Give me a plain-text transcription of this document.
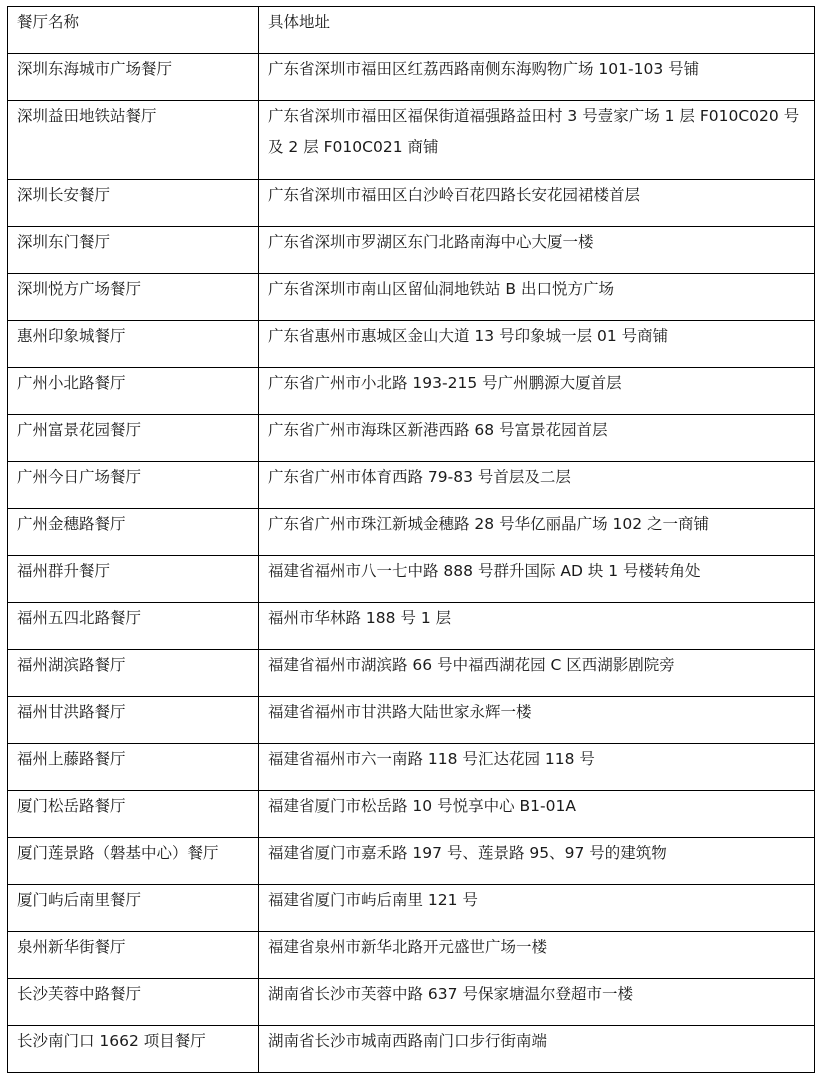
餐厅名称	具体地址
深圳东海城市广场餐厅	广东省深圳市福田区红荔西路南侧东海购物广场 101-103 号铺
深圳益田地铁站餐厅	广东省深圳市福田区福保街道福强路益田村 3 号壹家广场 1 层 F010C020 号及 2 层 F010C021 商铺
深圳长安餐厅	广东省深圳市福田区白沙岭百花四路长安花园裙楼首层
深圳东门餐厅	广东省深圳市罗湖区东门北路南海中心大厦一楼
深圳悦方广场餐厅	广东省深圳市南山区留仙洞地铁站 B 出口悦方广场
惠州印象城餐厅	广东省惠州市惠城区金山大道 13 号印象城一层 01 号商铺
广州小北路餐厅	广东省广州市小北路 193-215 号广州鹏源大厦首层
广州富景花园餐厅	广东省广州市海珠区新港西路 68 号富景花园首层
广州今日广场餐厅	广东省广州市体育西路 79-83 号首层及二层
广州金穗路餐厅	广东省广州市珠江新城金穗路 28 号华亿丽晶广场 102 之一商铺
福州群升餐厅	福建省福州市八一七中路 888 号群升国际 AD 块 1 号楼转角处
福州五四北路餐厅	福州市华林路 188 号 1 层
福州湖滨路餐厅	福建省福州市湖滨路 66 号中福西湖花园 C 区西湖影剧院旁
福州甘洪路餐厅	福建省福州市甘洪路大陆世家永辉一楼
福州上藤路餐厅	福建省福州市六一南路 118 号汇达花园 118 号
厦门松岳路餐厅	福建省厦门市松岳路 10 号悦享中心 B1-01A
厦门莲景路（磐基中心）餐厅	福建省厦门市嘉禾路 197 号、莲景路 95、97 号的建筑物
厦门屿后南里餐厅	福建省厦门市屿后南里 121 号
泉州新华街餐厅	福建省泉州市新华北路开元盛世广场一楼
长沙芙蓉中路餐厅	湖南省长沙市芙蓉中路 637 号保家塘温尔登超市一楼
长沙南门口 1662 项目餐厅	湖南省长沙市城南西路南门口步行街南端
